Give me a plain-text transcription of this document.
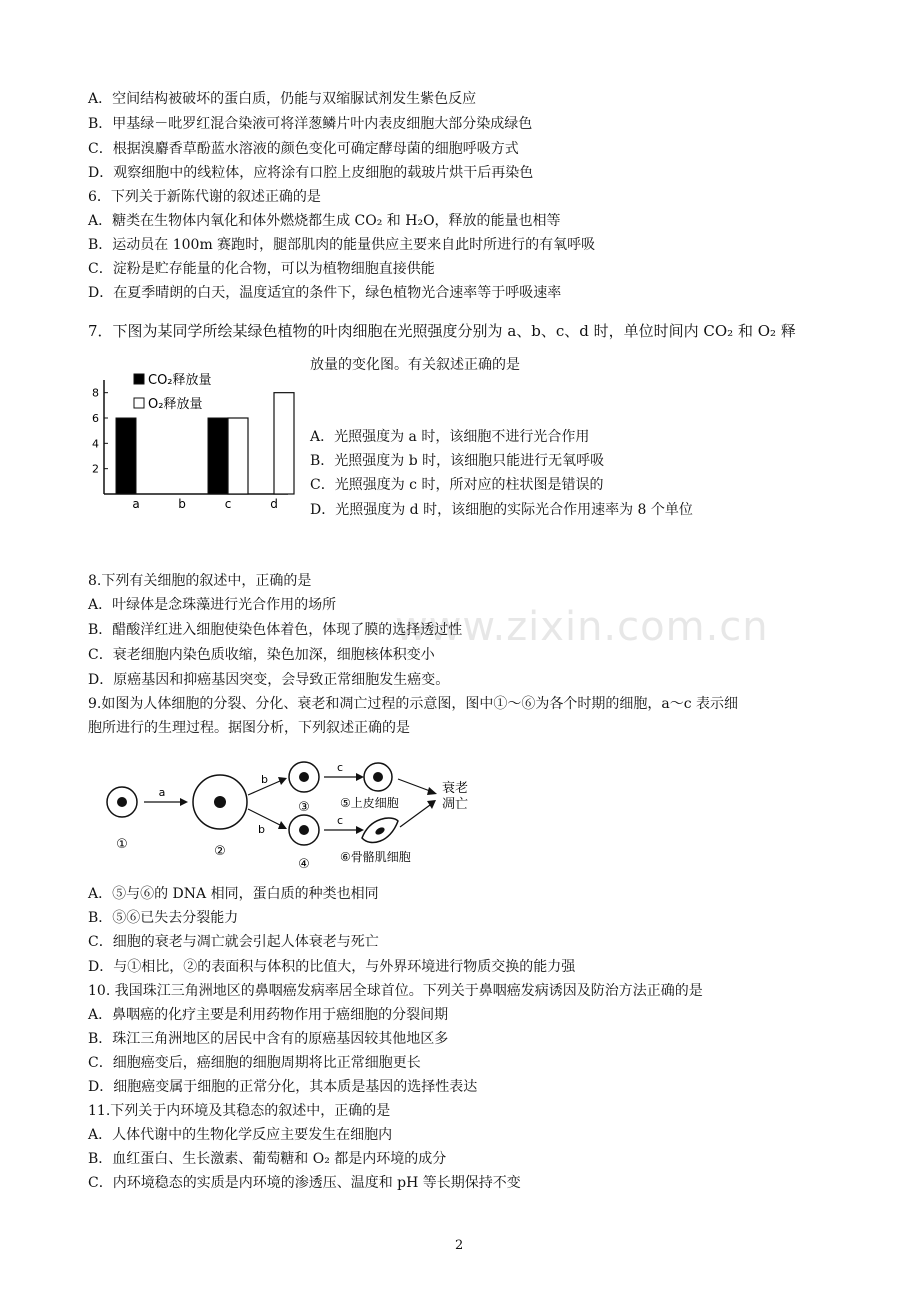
www.zixin.com.cn
A．空间结构被破坏的蛋白质，仍能与双缩脲试剂发生紫色反应
B．甲基绿－吡罗红混合染液可将洋葱鳞片叶内表皮细胞大部分染成绿色
C．根据溴麝香草酚蓝水溶液的颜色变化可确定酵母菌的细胞呼吸方式
D．观察细胞中的线粒体，应将涂有口腔上皮细胞的载玻片烘干后再染色
6．下列关于新陈代谢的叙述正确的是
A．糖类在生物体内氧化和体外燃烧都生成 CO₂ 和 H₂O，释放的能量也相等
B．运动员在 100m 赛跑时，腿部肌肉的能量供应主要来自此时所进行的有氧呼吸
C．淀粉是贮存能量的化合物，可以为植物细胞直接供能
D．在夏季晴朗的白天，温度适宜的条件下，绿色植物光合速率等于呼吸速率
7．下图为某同学所绘某绿色植物的叶肉细胞在光照强度分别为 a、b、c、d 时，单位时间内 CO₂ 和 O₂ 释
放量的变化图。有关叙述正确的是
2
4
6
8
a	b	c	d
CO₂释放量
O₂释放量
A．光照强度为 a 时，该细胞不进行光合作用
B．光照强度为 b 时，该细胞只能进行无氧呼吸
C．光照强度为 c 时，所对应的柱状图是错误的
D．光照强度为 d 时，该细胞的实际光合作用速率为 8 个单位
8.下列有关细胞的叙述中，正确的是
A．叶绿体是念珠藻进行光合作用的场所
B．醋酸洋红进入细胞使染色体着色，体现了膜的选择透过性
C．衰老细胞内染色质收缩，染色加深，细胞核体积变小
D．原癌基因和抑癌基因突变，会导致正常细胞发生癌变。
9.如图为人体细胞的分裂、分化、衰老和凋亡过程的示意图，图中①～⑥为各个时期的细胞，a～c 表示细
胞所进行的生理过程。据图分析，下列叙述正确的是
①
a
②
b
b
③
④
c
c
⑤上皮细胞
⑥骨骼肌细胞
衰老
凋亡
A．⑤与⑥的 DNA 相同，蛋白质的种类也相同
B．⑤⑥已失去分裂能力
C．细胞的衰老与凋亡就会引起人体衰老与死亡
D．与①相比，②的表面积与体积的比值大，与外界环境进行物质交换的能力强
10. 我国珠江三角洲地区的鼻咽癌发病率居全球首位。下列关于鼻咽癌发病诱因及防治方法正确的是
A．鼻咽癌的化疗主要是利用药物作用于癌细胞的分裂间期
B．珠江三角洲地区的居民中含有的原癌基因较其他地区多
C．细胞癌变后，癌细胞的细胞周期将比正常细胞更长
D．细胞癌变属于细胞的正常分化，其本质是基因的选择性表达
11.下列关于内环境及其稳态的叙述中，正确的是
A．人体代谢中的生物化学反应主要发生在细胞内
B．血红蛋白、生长激素、葡萄糖和 O₂ 都是内环境的成分
C．内环境稳态的实质是内环境的渗透压、温度和 pH 等长期保持不变
2
